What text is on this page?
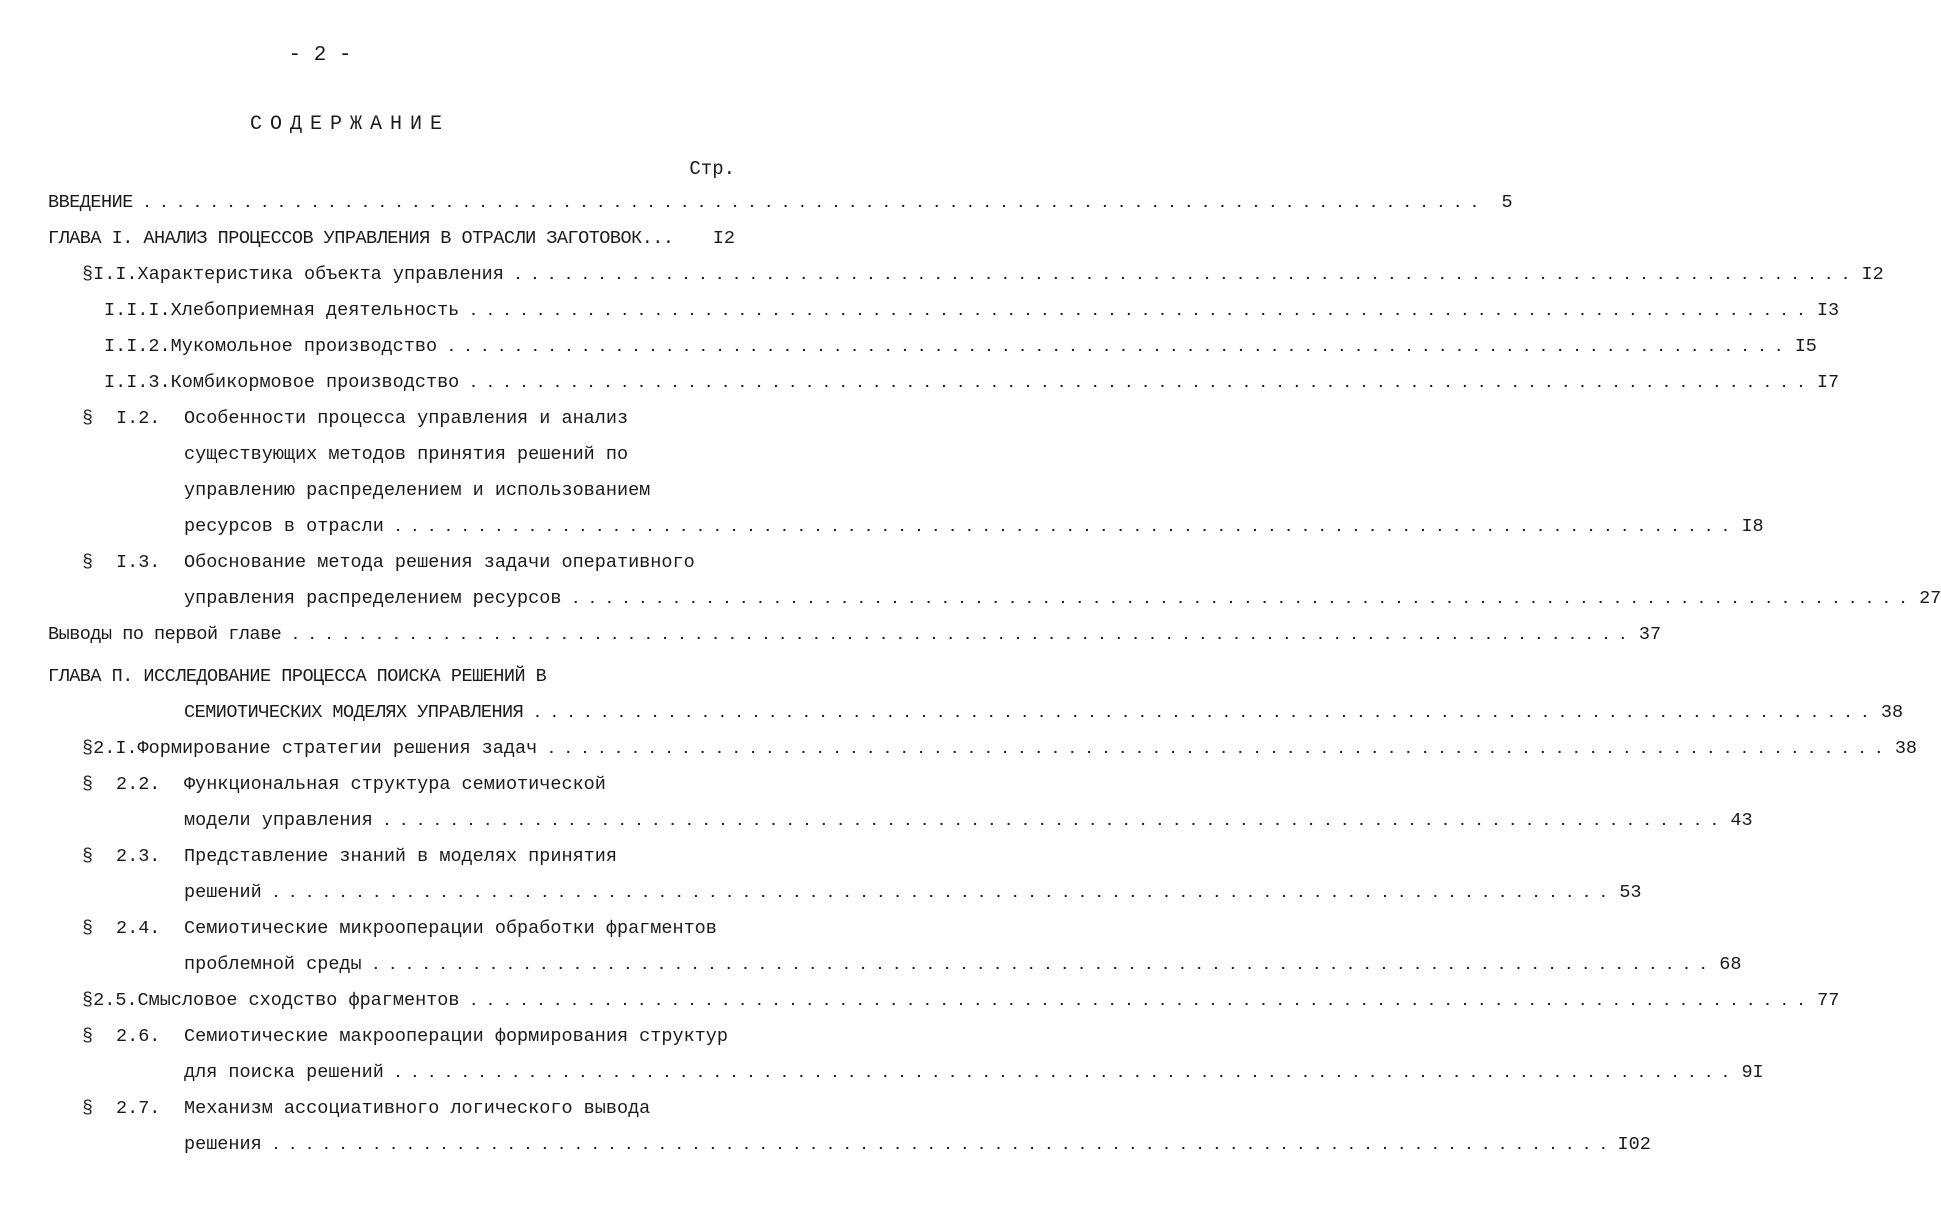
- 2 -
СОДЕРЖАНИЕ
Стр.
ВВЕДЕНИЕ . . .	5
ГЛАВА I. АНАЛИЗ ПРОЦЕССОВ УПРАВЛЕНИЯ В ОТРАСЛИ ЗАГОТОВОК... I2
§ I.I. Характеристика объекта управления . . .	I2
I.I.I. Хлебоприемная деятельность . . .	I3
I.I.2. Мукомольное производство . . .	I5
I.I.3. Комбикормовое производство . . .	I7
§	I.2.	Особенности процесса управления и анализ
существующих методов принятия решений по
управлению распределением и использованием
ресурсов в отрасли . . .	I8
§	I.3.	Обоснование метода решения задачи оперативного
управления распределением ресурсов . . .	27
Выводы по первой главе . . .	37
ГЛАВА П. ИССЛЕДОВАНИЕ ПРОЦЕССА ПОИСКА РЕШЕНИЙ В
СЕМИОТИЧЕСКИХ МОДЕЛЯХ УПРАВЛЕНИЯ . . .	38
§ 2.I. Формирование стратегии решения задач . . .	38
§	2.2.	Функциональная структура семиотической
модели управления . . .	43
§	2.3.	Представление знаний в моделях принятия
решений . . .	53
§	2.4.	Семиотические микрооперации обработки фрагментов
проблемной среды . . .	68
§ 2.5. Смысловое сходство фрагментов . . .	77
§	2.6.	Семиотические макрооперации формирования структур
для поиска решений . . .	9I
§	2.7.	Механизм ассоциативного логического вывода
решения . . .	I02
